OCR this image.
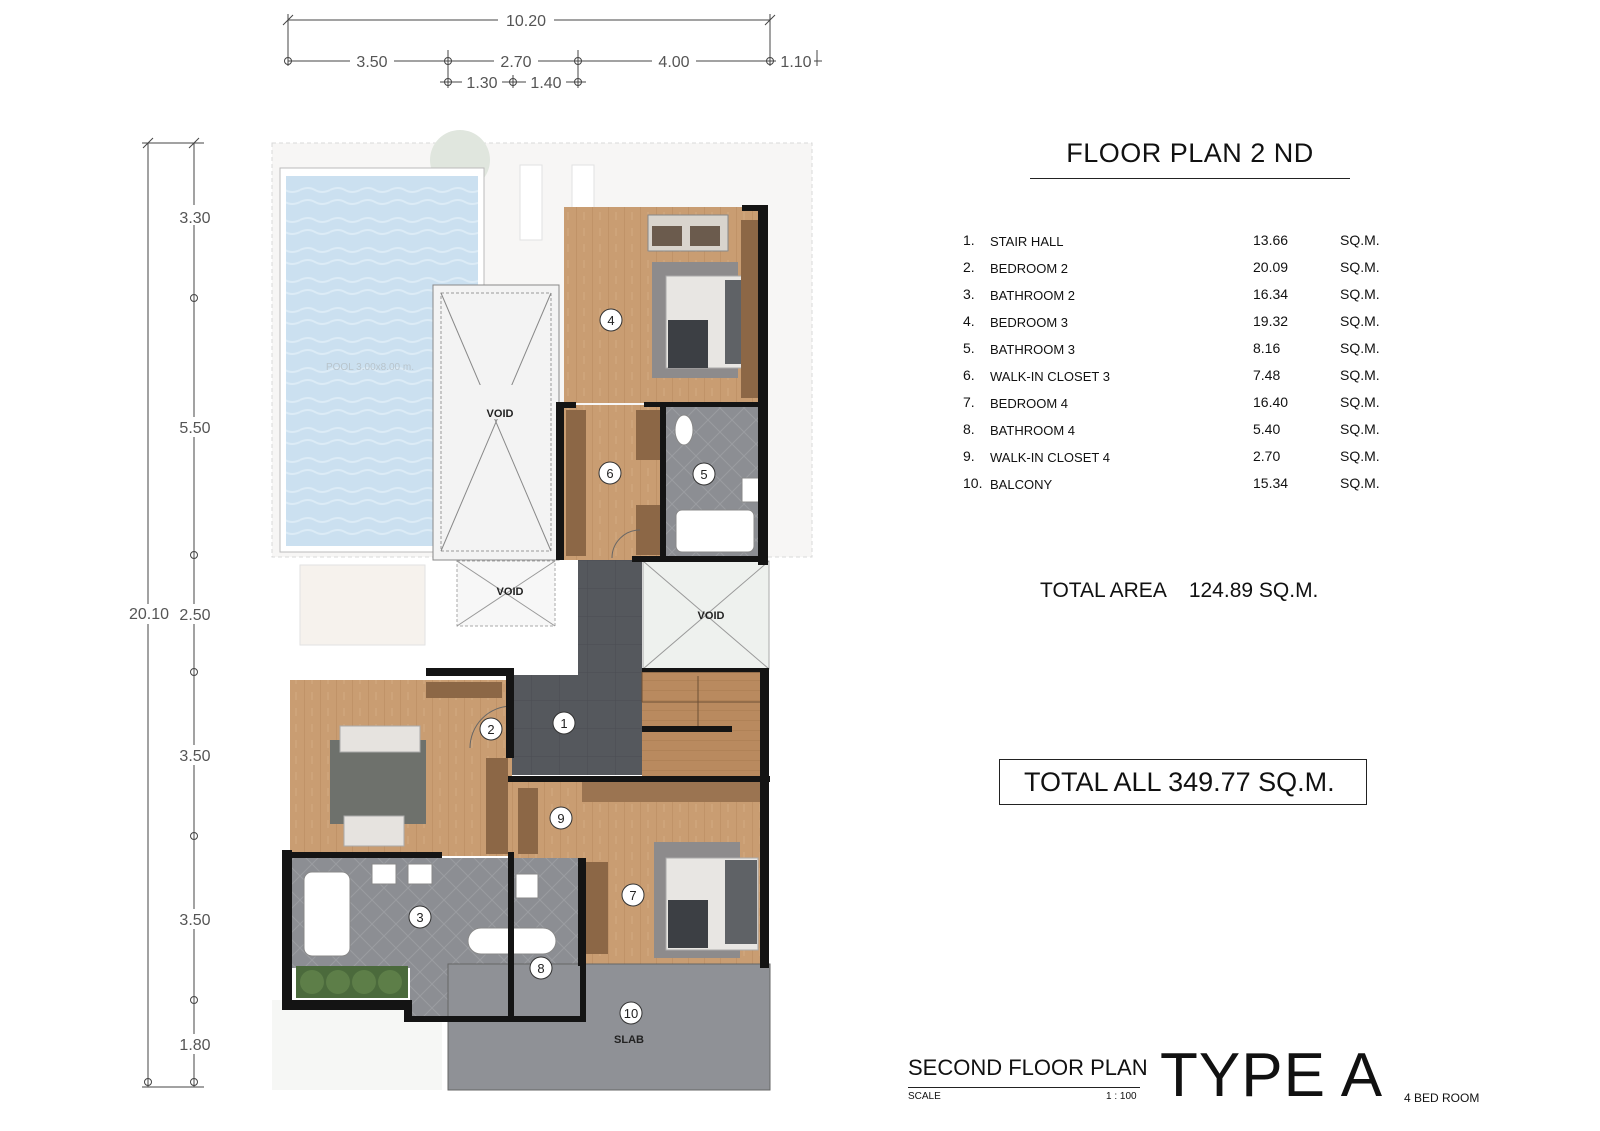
10.20
3.50	2.70	4.00	1.10
1.30 1.40
3.30
5.50
20.10 2.50
3.50
3.50
1.80
POOL 3.00x8.00 m.
VOID
VOID
VOID
1
2
3
4
5
6
7
8
9
10
SLAB
FLOOR PLAN 2 ND
1. STAIR HALL	13.66	SQ.M.
2. BEDROOM 2	20.09	SQ.M.
3. BATHROOM 2	16.34	SQ.M.
4. BEDROOM 3	19.32	SQ.M.
5. BATHROOM 3	8.16	SQ.M.
6. WALK-IN CLOSET 3	7.48	SQ.M.
7. BEDROOM 4	16.40	SQ.M.
8. BATHROOM 4	5.40	SQ.M.
9. WALK-IN CLOSET 4	2.70	SQ.M.
10. BALCONY	15.34	SQ.M.
TOTAL AREA 124.89 SQ.M.
TOTAL ALL 349.77 SQ.M.
SECOND FLOOR PLAN
SCALE	1 : 100 TYPE A 4 BED ROOM
